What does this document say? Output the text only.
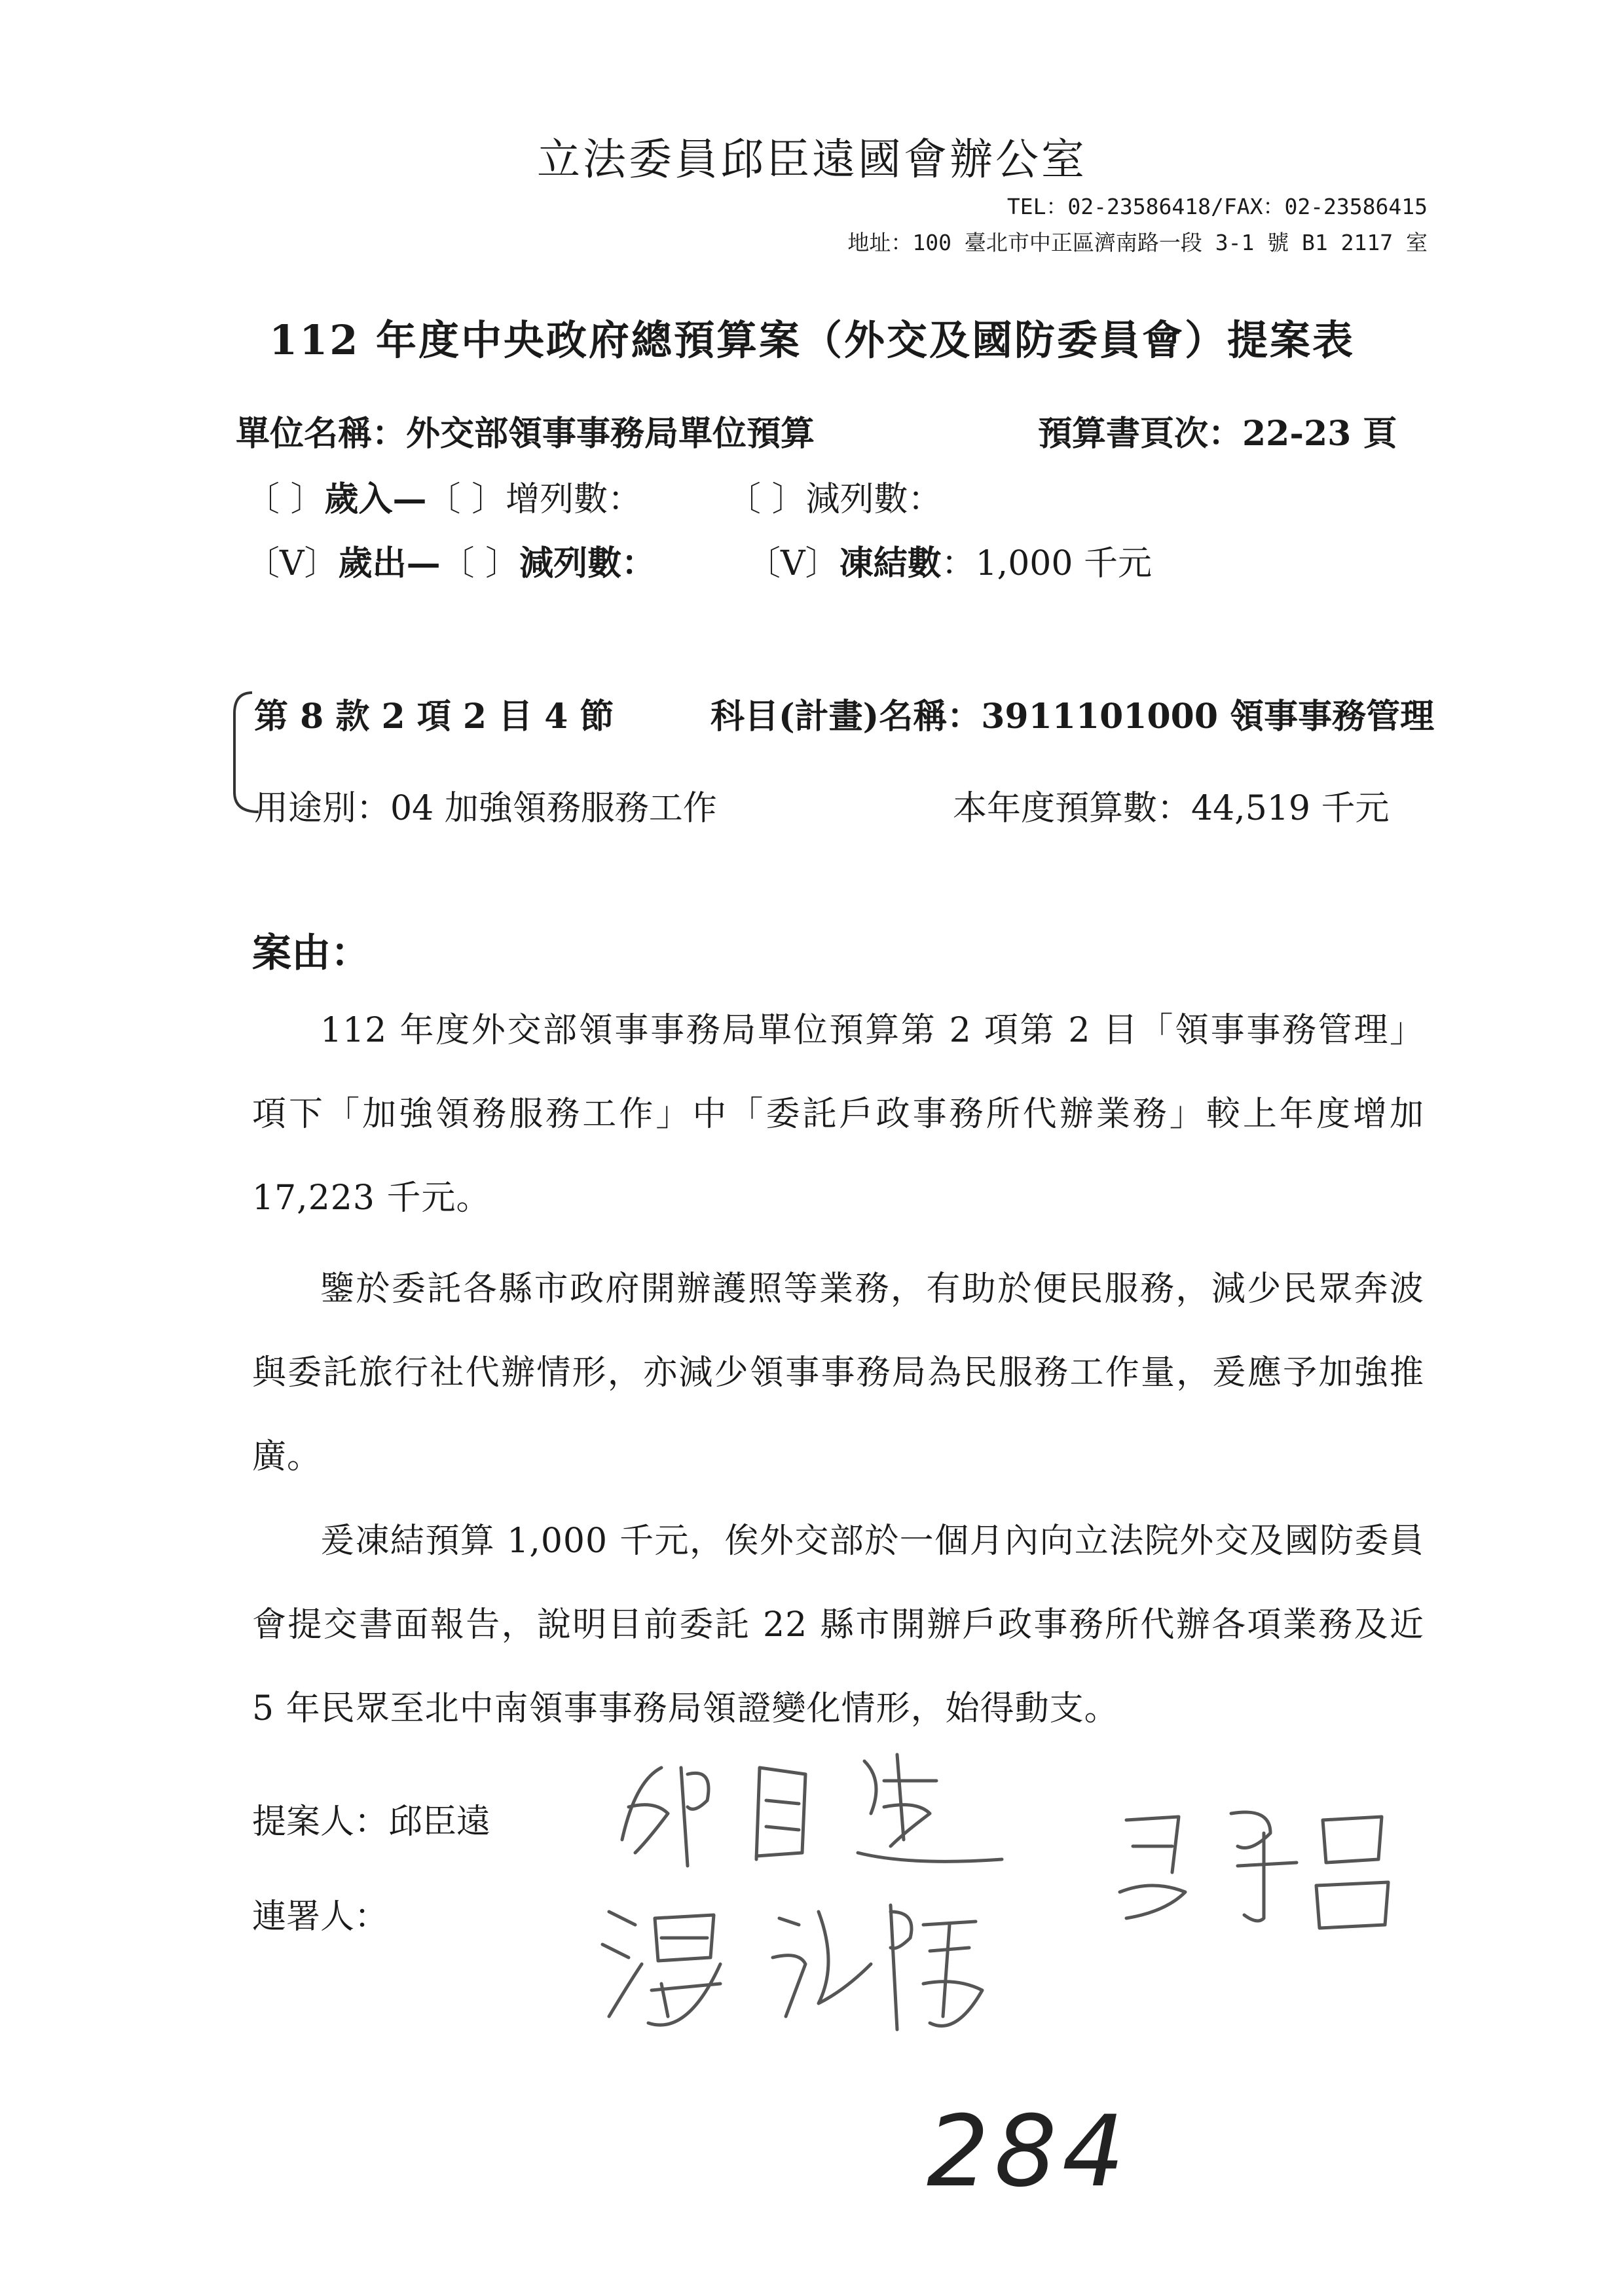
立法委員邱臣遠國會辦公室
TEL：02-23586418/FAX：02-23586415
地址：100 臺北市中正區濟南路一段 3-1 號 B1 2117 室
112 年度中央政府總預算案（外交及國防委員會）提案表
單位名稱：外交部領事事務局單位預算	預算書頁次：22-23 頁
〔 〕歲入—〔 〕增列數： 〔 〕減列數：
〔V〕歲出—〔 〕減列數：	〔V〕凍結數：1,000 千元
第 8 款 2 項 2 目 4 節	科目(計畫)名稱：3911101000 領事事務管理
用途別：04 加強領務服務工作	本年度預算數：44,519 千元
案由：

112 年度外交部領事事務局單位預算第 2 項第 2 目「領事事務管理」項下「加強領務服務工作」中「委託戶政事務所代辦業務」較上年度增加 17,223 千元。

鑒於委託各縣市政府開辦護照等業務，有助於便民服務，減少民眾奔波與委託旅行社代辦情形，亦減少領事事務局為民服務工作量，爰應予加強推廣。

爰凍結預算 1,000 千元，俟外交部於一個月內向立法院外交及國防委員會提交書面報告，說明目前委託 22 縣市開辦戶政事務所代辦各項業務及近 5 年民眾至北中南領事事務局領證變化情形，始得動支。

提案人：邱臣遠
連署人：
284
